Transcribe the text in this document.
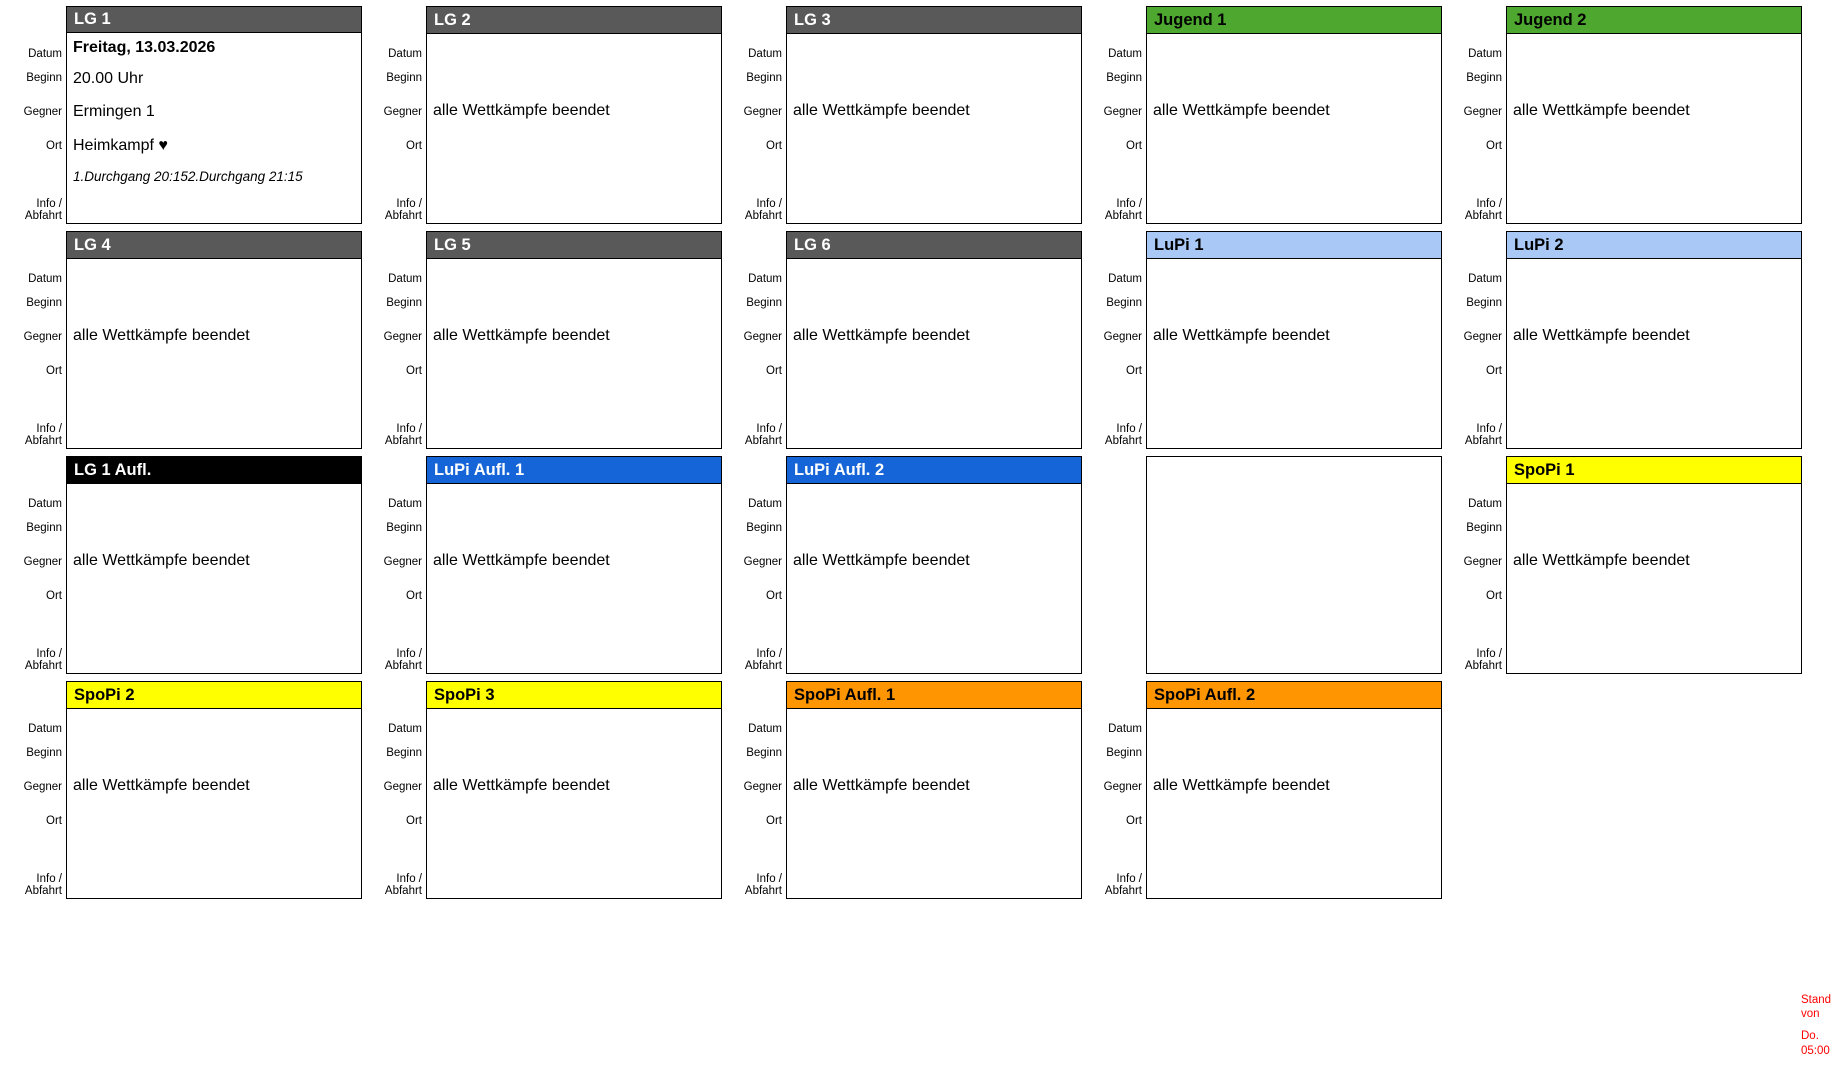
Datum
Beginn
Gegner
Ort
Info /
Abfahrt
LG 1
Freitag, 13.03.2026
20.00 Uhr
Ermingen 1
Heimkampf ♥
1.Durchgang 20:15 2.Durchgang 21:15
Datum
Beginn
Gegner
Ort
Info /
Abfahrt
LG 2
alle Wettkämpfe beendet
Datum
Beginn
Gegner
Ort
Info /
Abfahrt
LG 3
alle Wettkämpfe beendet
Datum
Beginn
Gegner
Ort
Info /
Abfahrt
Jugend 1
alle Wettkämpfe beendet
Datum
Beginn
Gegner
Ort
Info /
Abfahrt
Jugend 2
alle Wettkämpfe beendet
Datum
Beginn
Gegner
Ort
Info /
Abfahrt
LG 4
alle Wettkämpfe beendet
Datum
Beginn
Gegner
Ort
Info /
Abfahrt
LG 5
alle Wettkämpfe beendet
Datum
Beginn
Gegner
Ort
Info /
Abfahrt
LG 6
alle Wettkämpfe beendet
Datum
Beginn
Gegner
Ort
Info /
Abfahrt
LuPi 1
alle Wettkämpfe beendet
Datum
Beginn
Gegner
Ort
Info /
Abfahrt
LuPi 2
alle Wettkämpfe beendet
Datum
Beginn
Gegner
Ort
Info /
Abfahrt
LG 1 Aufl.
alle Wettkämpfe beendet
Datum
Beginn
Gegner
Ort
Info /
Abfahrt
LuPi Aufl. 1
alle Wettkämpfe beendet
Datum
Beginn
Gegner
Ort
Info /
Abfahrt
LuPi Aufl. 2
alle Wettkämpfe beendet
Datum
Beginn
Gegner
Ort
Info /
Abfahrt
SpoPi 1
alle Wettkämpfe beendet
Datum
Beginn
Gegner
Ort
Info /
Abfahrt
SpoPi 2
alle Wettkämpfe beendet
Datum
Beginn
Gegner
Ort
Info /
Abfahrt
SpoPi 3
alle Wettkämpfe beendet
Datum
Beginn
Gegner
Ort
Info /
Abfahrt
SpoPi Aufl. 1
alle Wettkämpfe beendet
Datum
Beginn
Gegner
Ort
Info /
Abfahrt
SpoPi Aufl. 2
alle Wettkämpfe beendet
Stand
von
Do.
05:00
